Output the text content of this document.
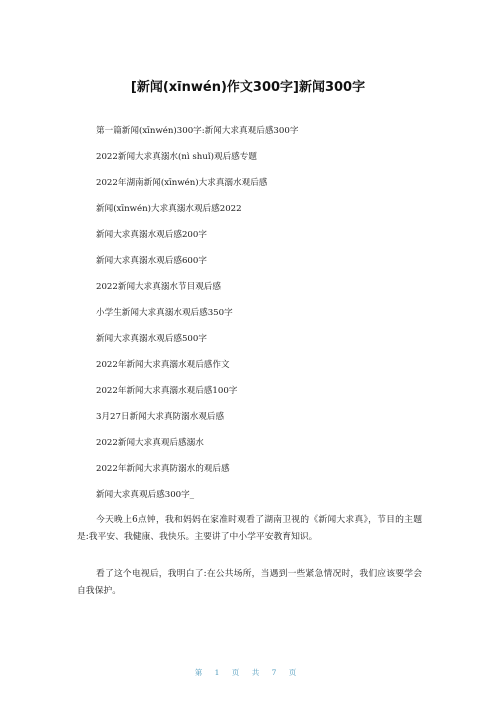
[新闻(xīnwén)作文300字]新闻300字
第一篇新闻(xīnwén)300字:新闻大求真观后感300字
2022新闻大求真溺水(nì shuǐ)观后感专题
2022年湖南新闻(xīnwén)大求真溺水观后感
新闻(xīnwén)大求真溺水观后感2022
新闻大求真溺水观后感200字
新闻大求真溺水观后感600字
2022新闻大求真溺水节目观后感
小学生新闻大求真溺水观后感350字
新闻大求真溺水观后感500字
2022年新闻大求真溺水观后感作文
2022年新闻大求真溺水观后感100字
3月27日新闻大求真防溺水观后感
2022新闻大求真观后感溺水
2022年新闻大求真防溺水的观后感
新闻大求真观后感300字_

今天晚上6点钟，我和妈妈在家准时观看了湖南卫视的《新闻大求真》，节目的主题是:我平安、我健康、我快乐。主要讲了中小学平安教育知识。

看了这个电视后，我明白了:在公共场所，当遇到一些紧急情况时，我们应该要学会自我保护。

第 1 页 共 7 页
